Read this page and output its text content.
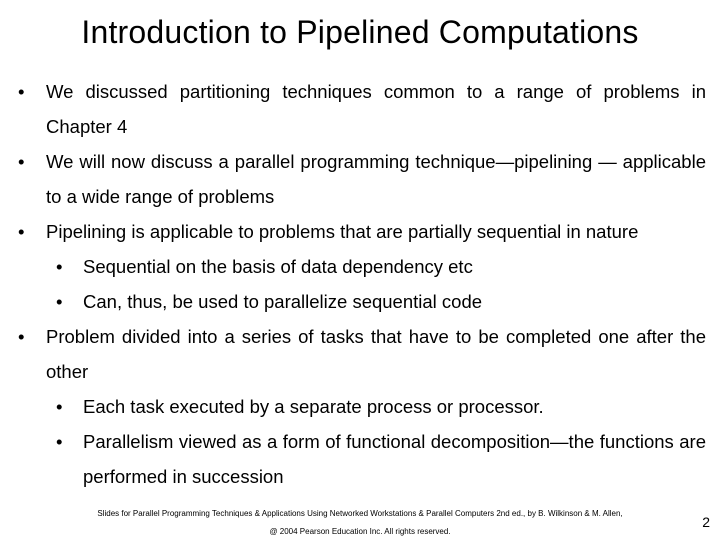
Introduction to Pipelined Computations
•	We discussed partitioning techniques common to a range of problems in Chapter 4
•	We will now discuss a parallel programming technique—pipelining — applicable to a wide range of problems
•	Pipelining is applicable to problems that are partially sequential in nature
•	Sequential on the basis of data dependency etc
•	Can, thus, be used to parallelize sequential code
•	Problem divided into a series of tasks that have to be completed one after the other
•	Each task executed by a separate process or processor.
•	Parallelism viewed as a form of functional decomposition—the functions are performed in succession
Slides for Parallel Programming Techniques & Applications Using Networked Workstations & Parallel Computers 2nd ed., by B. Wilkinson & M. Allen,
@ 2004 Pearson Education Inc. All rights reserved.
2
